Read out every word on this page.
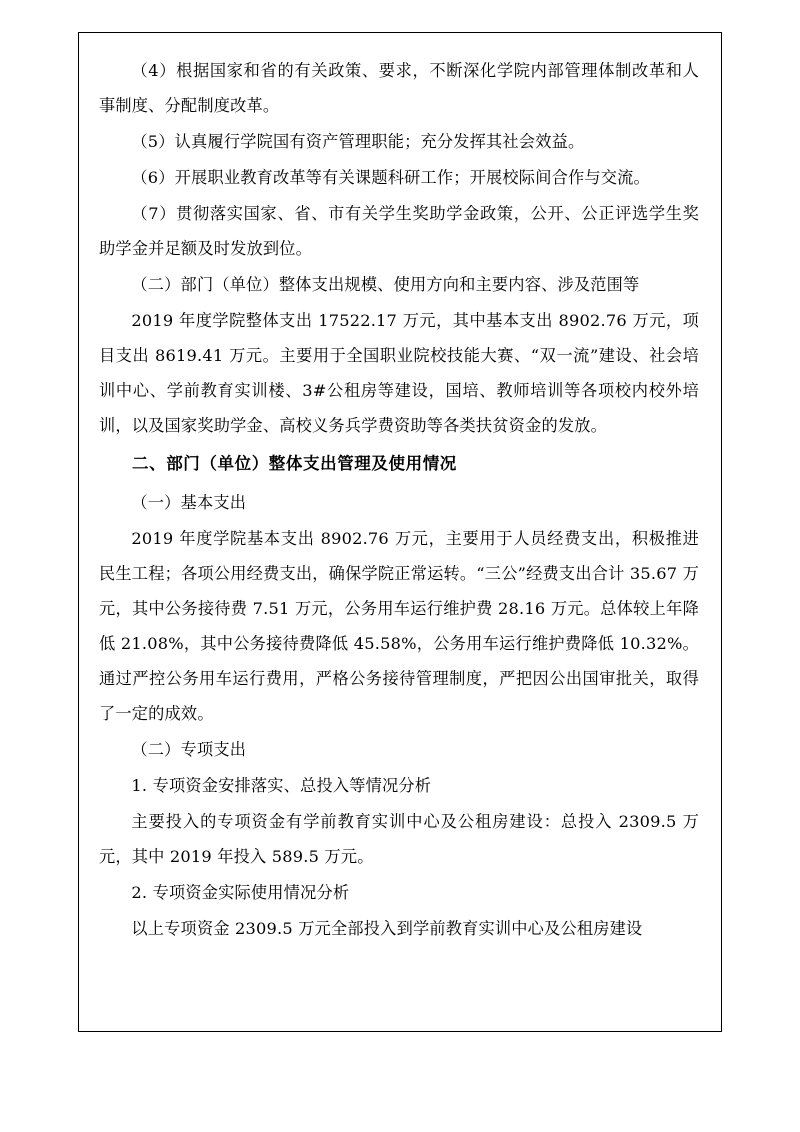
（4）根据国家和省的有关政策、要求，不断深化学院内部管理体制改革和人事制度、分配制度改革。

（5）认真履行学院国有资产管理职能；充分发挥其社会效益。

（6）开展职业教育改革等有关课题科研工作；开展校际间合作与交流。

（7）贯彻落实国家、省、市有关学生奖助学金政策，公开、公正评选学生奖助学金并足额及时发放到位。

（二）部门（单位）整体支出规模、使用方向和主要内容、涉及范围等

2019 年度学院整体支出 17522.17 万元，其中基本支出 8902.76 万元，项目支出 8619.41 万元。主要用于全国职业院校技能大赛、“双一流”建设、社会培训中心、学前教育实训楼、3#公租房等建设，国培、教师培训等各项校内校外培训，以及国家奖助学金、高校义务兵学费资助等各类扶贫资金的发放。

二、部门（单位）整体支出管理及使用情况

（一）基本支出

2019 年度学院基本支出 8902.76 万元，主要用于人员经费支出，积极推进民生工程；各项公用经费支出，确保学院正常运转。“三公”经费支出合计 35.67 万元，其中公务接待费 7.51 万元，公务用车运行维护费 28.16 万元。总体较上年降低 21.08%，其中公务接待费降低 45.58%，公务用车运行维护费降低 10.32%。通过严控公务用车运行费用，严格公务接待管理制度，严把因公出国审批关，取得了一定的成效。

（二）专项支出

1. 专项资金安排落实、总投入等情况分析

主要投入的专项资金有学前教育实训中心及公租房建设：总投入 2309.5 万元，其中 2019 年投入 589.5 万元。

2. 专项资金实际使用情况分析

以上专项资金 2309.5 万元全部投入到学前教育实训中心及公租房建设
